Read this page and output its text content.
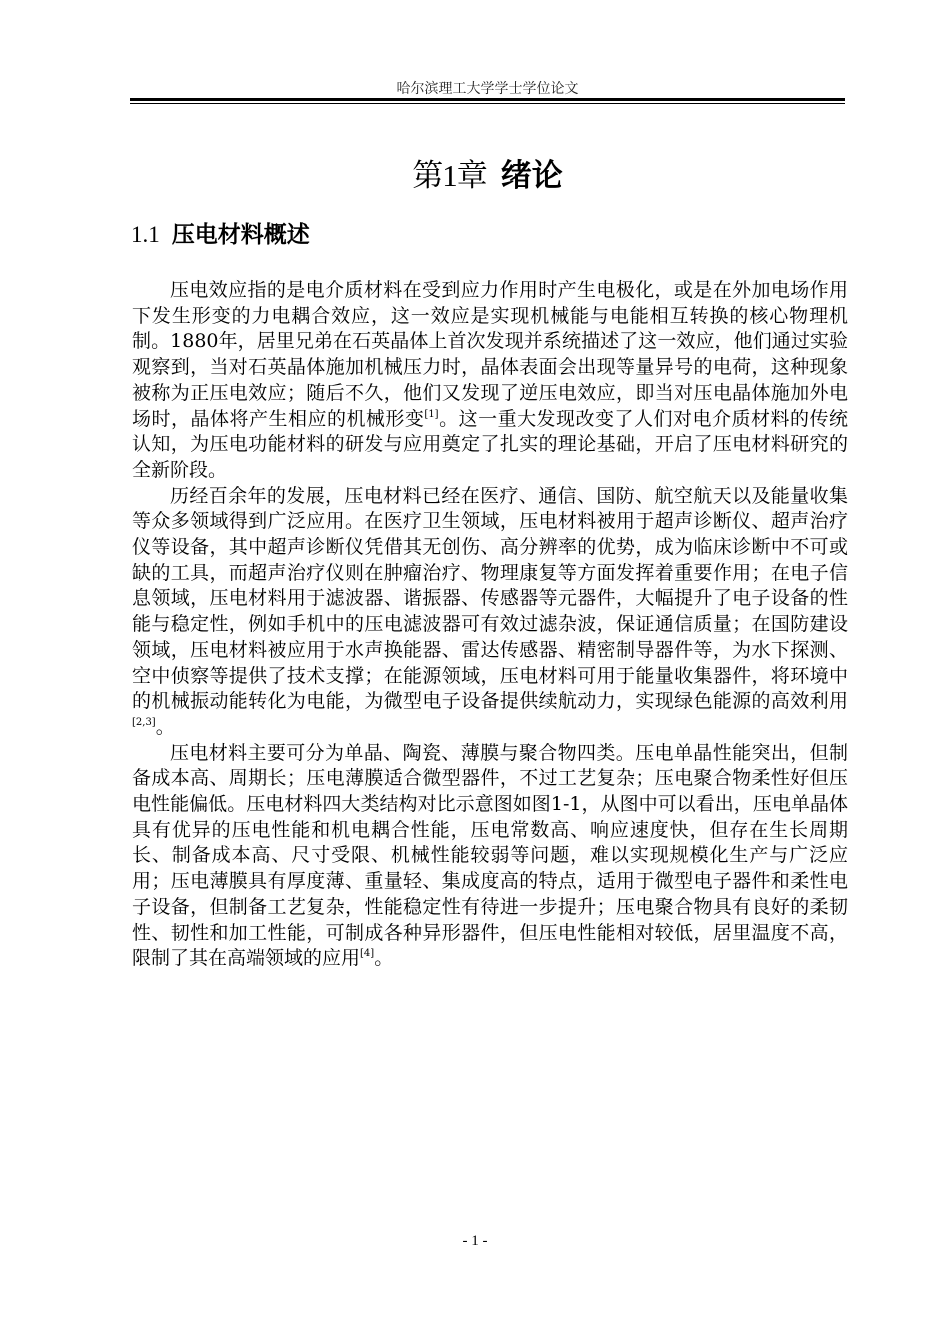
哈尔滨理工大学学士学位论文
第1章 绪论
1.1 压电材料概述

压电效应指的是电介质材料在受到应力作用时产生电极化，或是在外加电场作用下发生形变的力电耦合效应，这一效应是实现机械能与电能相互转换的核心物理机制。1880年，居里兄弟在石英晶体上首次发现并系统描述了这一效应，他们通过实验观察到，当对石英晶体施加机械压力时，晶体表面会出现等量异号的电荷，这种现象被称为正压电效应；随后不久，他们又发现了逆压电效应，即当对压电晶体施加外电场时，晶体将产生相应的机械形变[1]。这一重大发现改变了人们对电介质材料的传统认知，为压电功能材料的研发与应用奠定了扎实的理论基础，开启了压电材料研究的全新阶段。

历经百余年的发展，压电材料已经在医疗、通信、国防、航空航天以及能量收集等众多领域得到广泛应用。在医疗卫生领域，压电材料被用于超声诊断仪、超声治疗仪等设备，其中超声诊断仪凭借其无创伤、高分辨率的优势，成为临床诊断中不可或缺的工具，而超声治疗仪则在肿瘤治疗、物理康复等方面发挥着重要作用；在电子信息领域，压电材料用于滤波器、谐振器、传感器等元器件，大幅提升了电子设备的性能与稳定性，例如手机中的压电滤波器可有效过滤杂波，保证通信质量；在国防建设领域，压电材料被应用于水声换能器、雷达传感器、精密制导器件等，为水下探测、空中侦察等提供了技术支撑；在能源领域，压电材料可用于能量收集器件，将环境中的机械振动能转化为电能，为微型电子设备提供续航动力，实现绿色能源的高效利用[2,3]。

压电材料主要可分为单晶、陶瓷、薄膜与聚合物四类。压电单晶性能突出，但制备成本高、周期长；压电薄膜适合微型器件，不过工艺复杂；压电聚合物柔性好但压电性能偏低。压电材料四大类结构对比示意图如图1-1，从图中可以看出，压电单晶体具有优异的压电性能和机电耦合性能，压电常数高、响应速度快，但存在生长周期长、制备成本高、尺寸受限、机械性能较弱等问题，难以实现规模化生产与广泛应用；压电薄膜具有厚度薄、重量轻、集成度高的特点，适用于微型电子器件和柔性电子设备，但制备工艺复杂，性能稳定性有待进一步提升；压电聚合物具有良好的柔韧性、韧性和加工性能，可制成各种异形器件，但压电性能相对较低，居里温度不高，限制了其在高端领域的应用[4]。

- 1 -
